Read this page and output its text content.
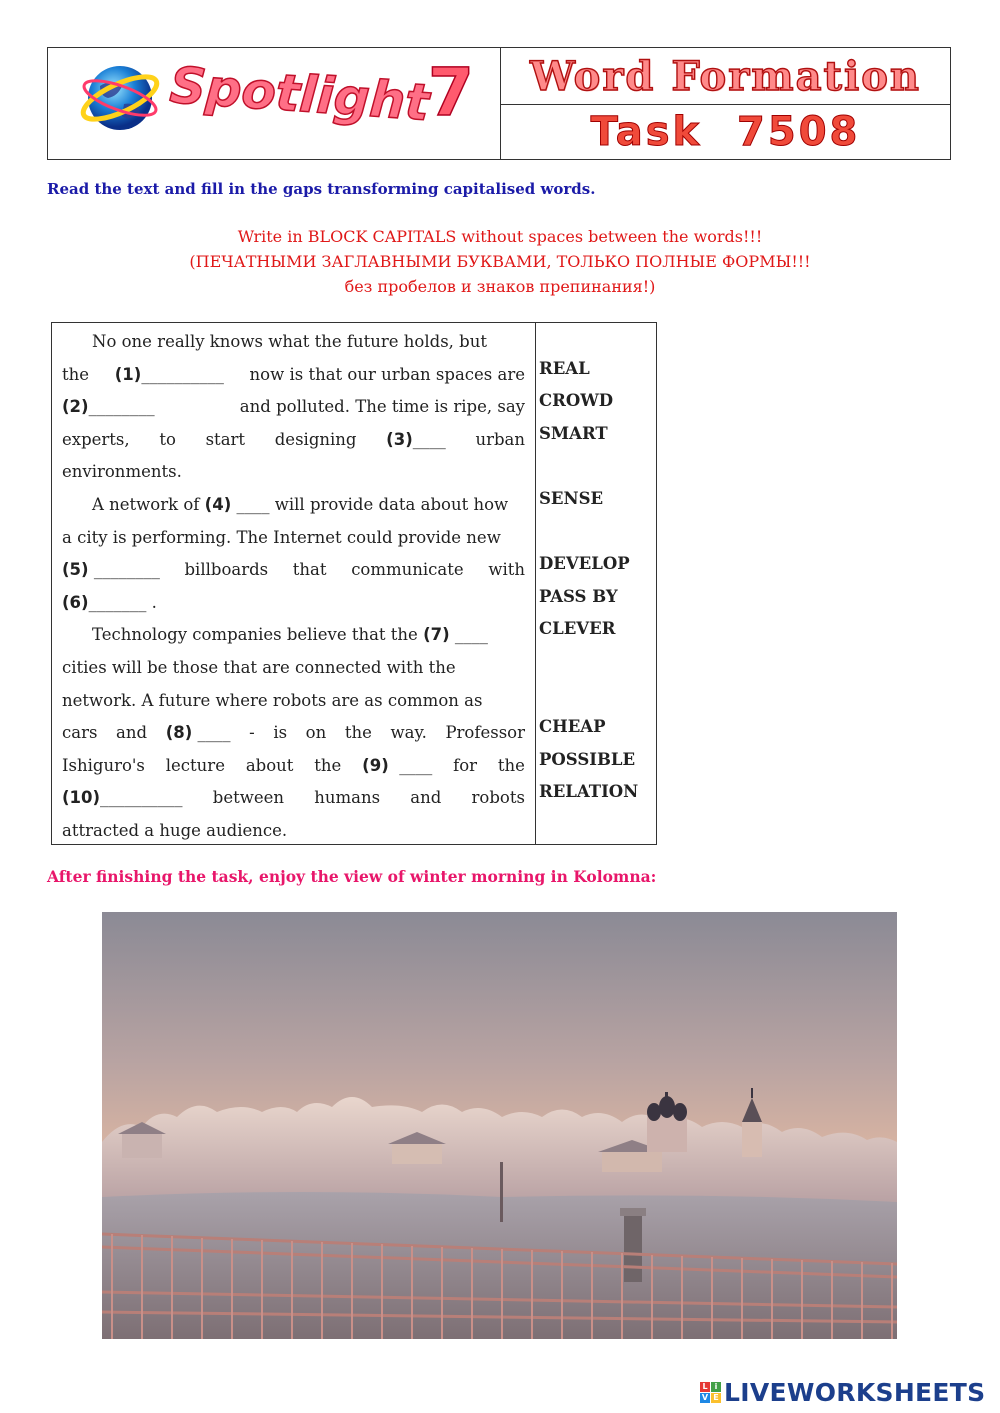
Spotlight
7 Word Formation
Task 7508
Read the text and fill in the gaps transforming capitalised words.
Write in BLOCK CAPITALS without spaces between the words!!!
(ПЕЧАТНЫМИ ЗАГЛАВНЫМИ БУКВАМИ, ТОЛЬКО ПОЛНЫЕ ФОРМЫ!!!
без пробелов и знаков препинания!)
No one really knows what the future holds, but
the (1)__________ now is that our urban spaces are
(2)________	and polluted. The time is ripe, say
experts, to start designing (3)____ urban
environments.
A network of
(4)
____
will provide data about how
a city is performing. The Internet could provide new
(5) ________ billboards that communicate with
(6) _______
.
Technology companies believe that the
(7)
____
cities will be those that are connected with the
network. A future where robots are as common as
cars and (8) ____ - is on the way. Professor
Ishiguro's lecture about the (9) ____ for the
(10)__________ between humans and robots
attracted a huge audience.
REAL
CROWD
SMART
SENSE
DEVELOP
PASS BY
CLEVER
CHEAP
POSSIBLE
RELATION
After finishing the task, enjoy the view of winter morning in Kolomna:
L i
V E LIVEWORKSHEETS
